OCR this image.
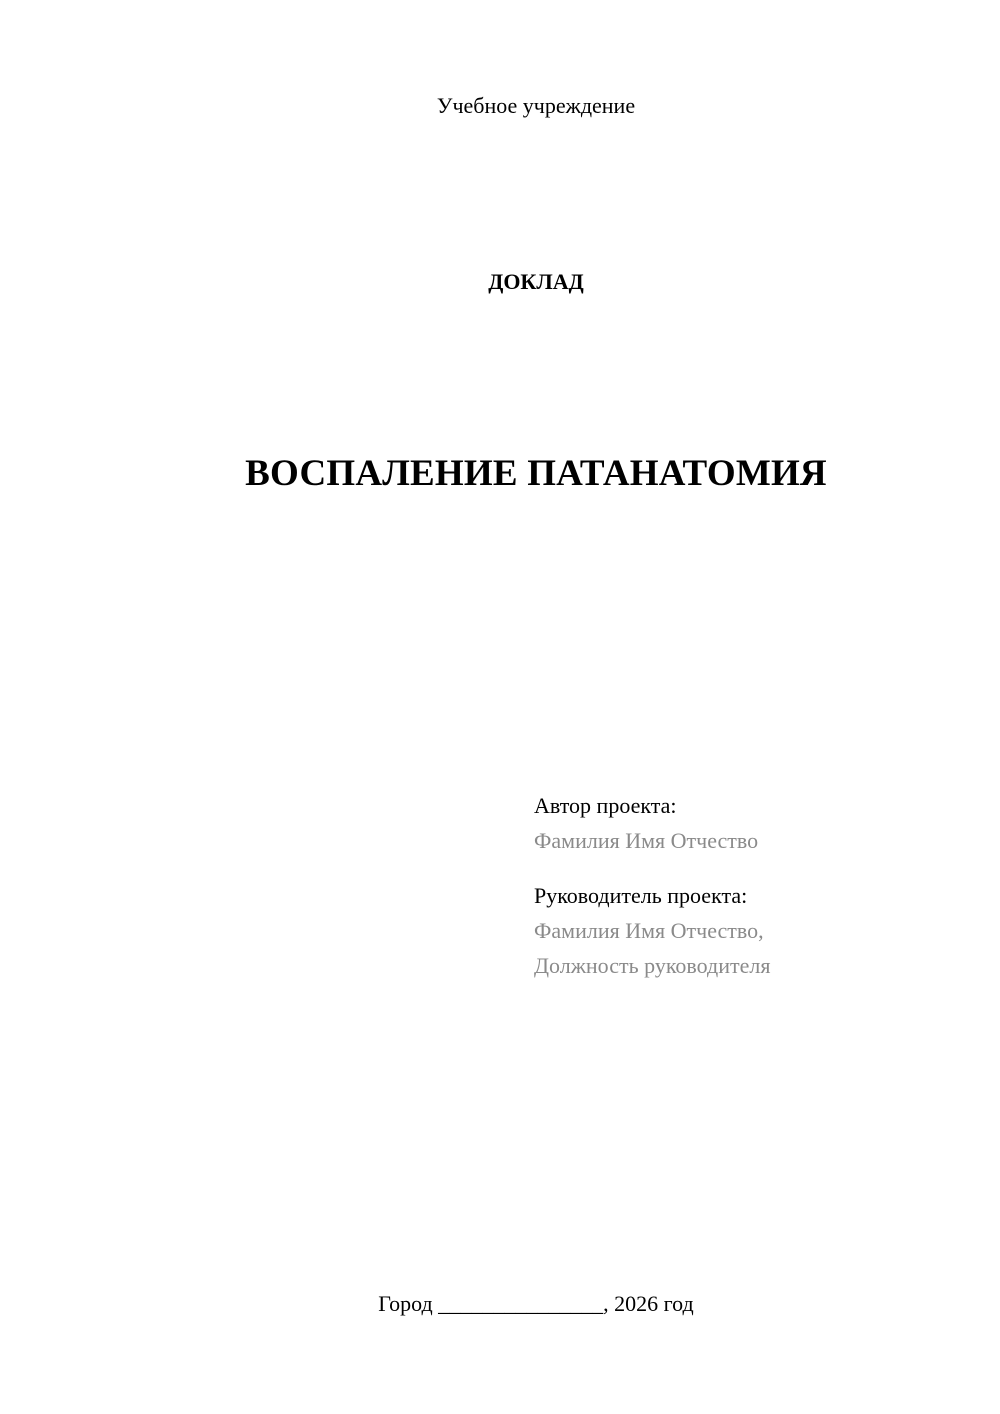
Учебное учреждение
ДОКЛАД
ВОСПАЛЕНИЕ ПАТАНАТОМИЯ
Автор проекта:
Фамилия Имя Отчество
Руководитель проекта:
Фамилия Имя Отчество,
Должность руководителя
Город _______________, 2026 год
